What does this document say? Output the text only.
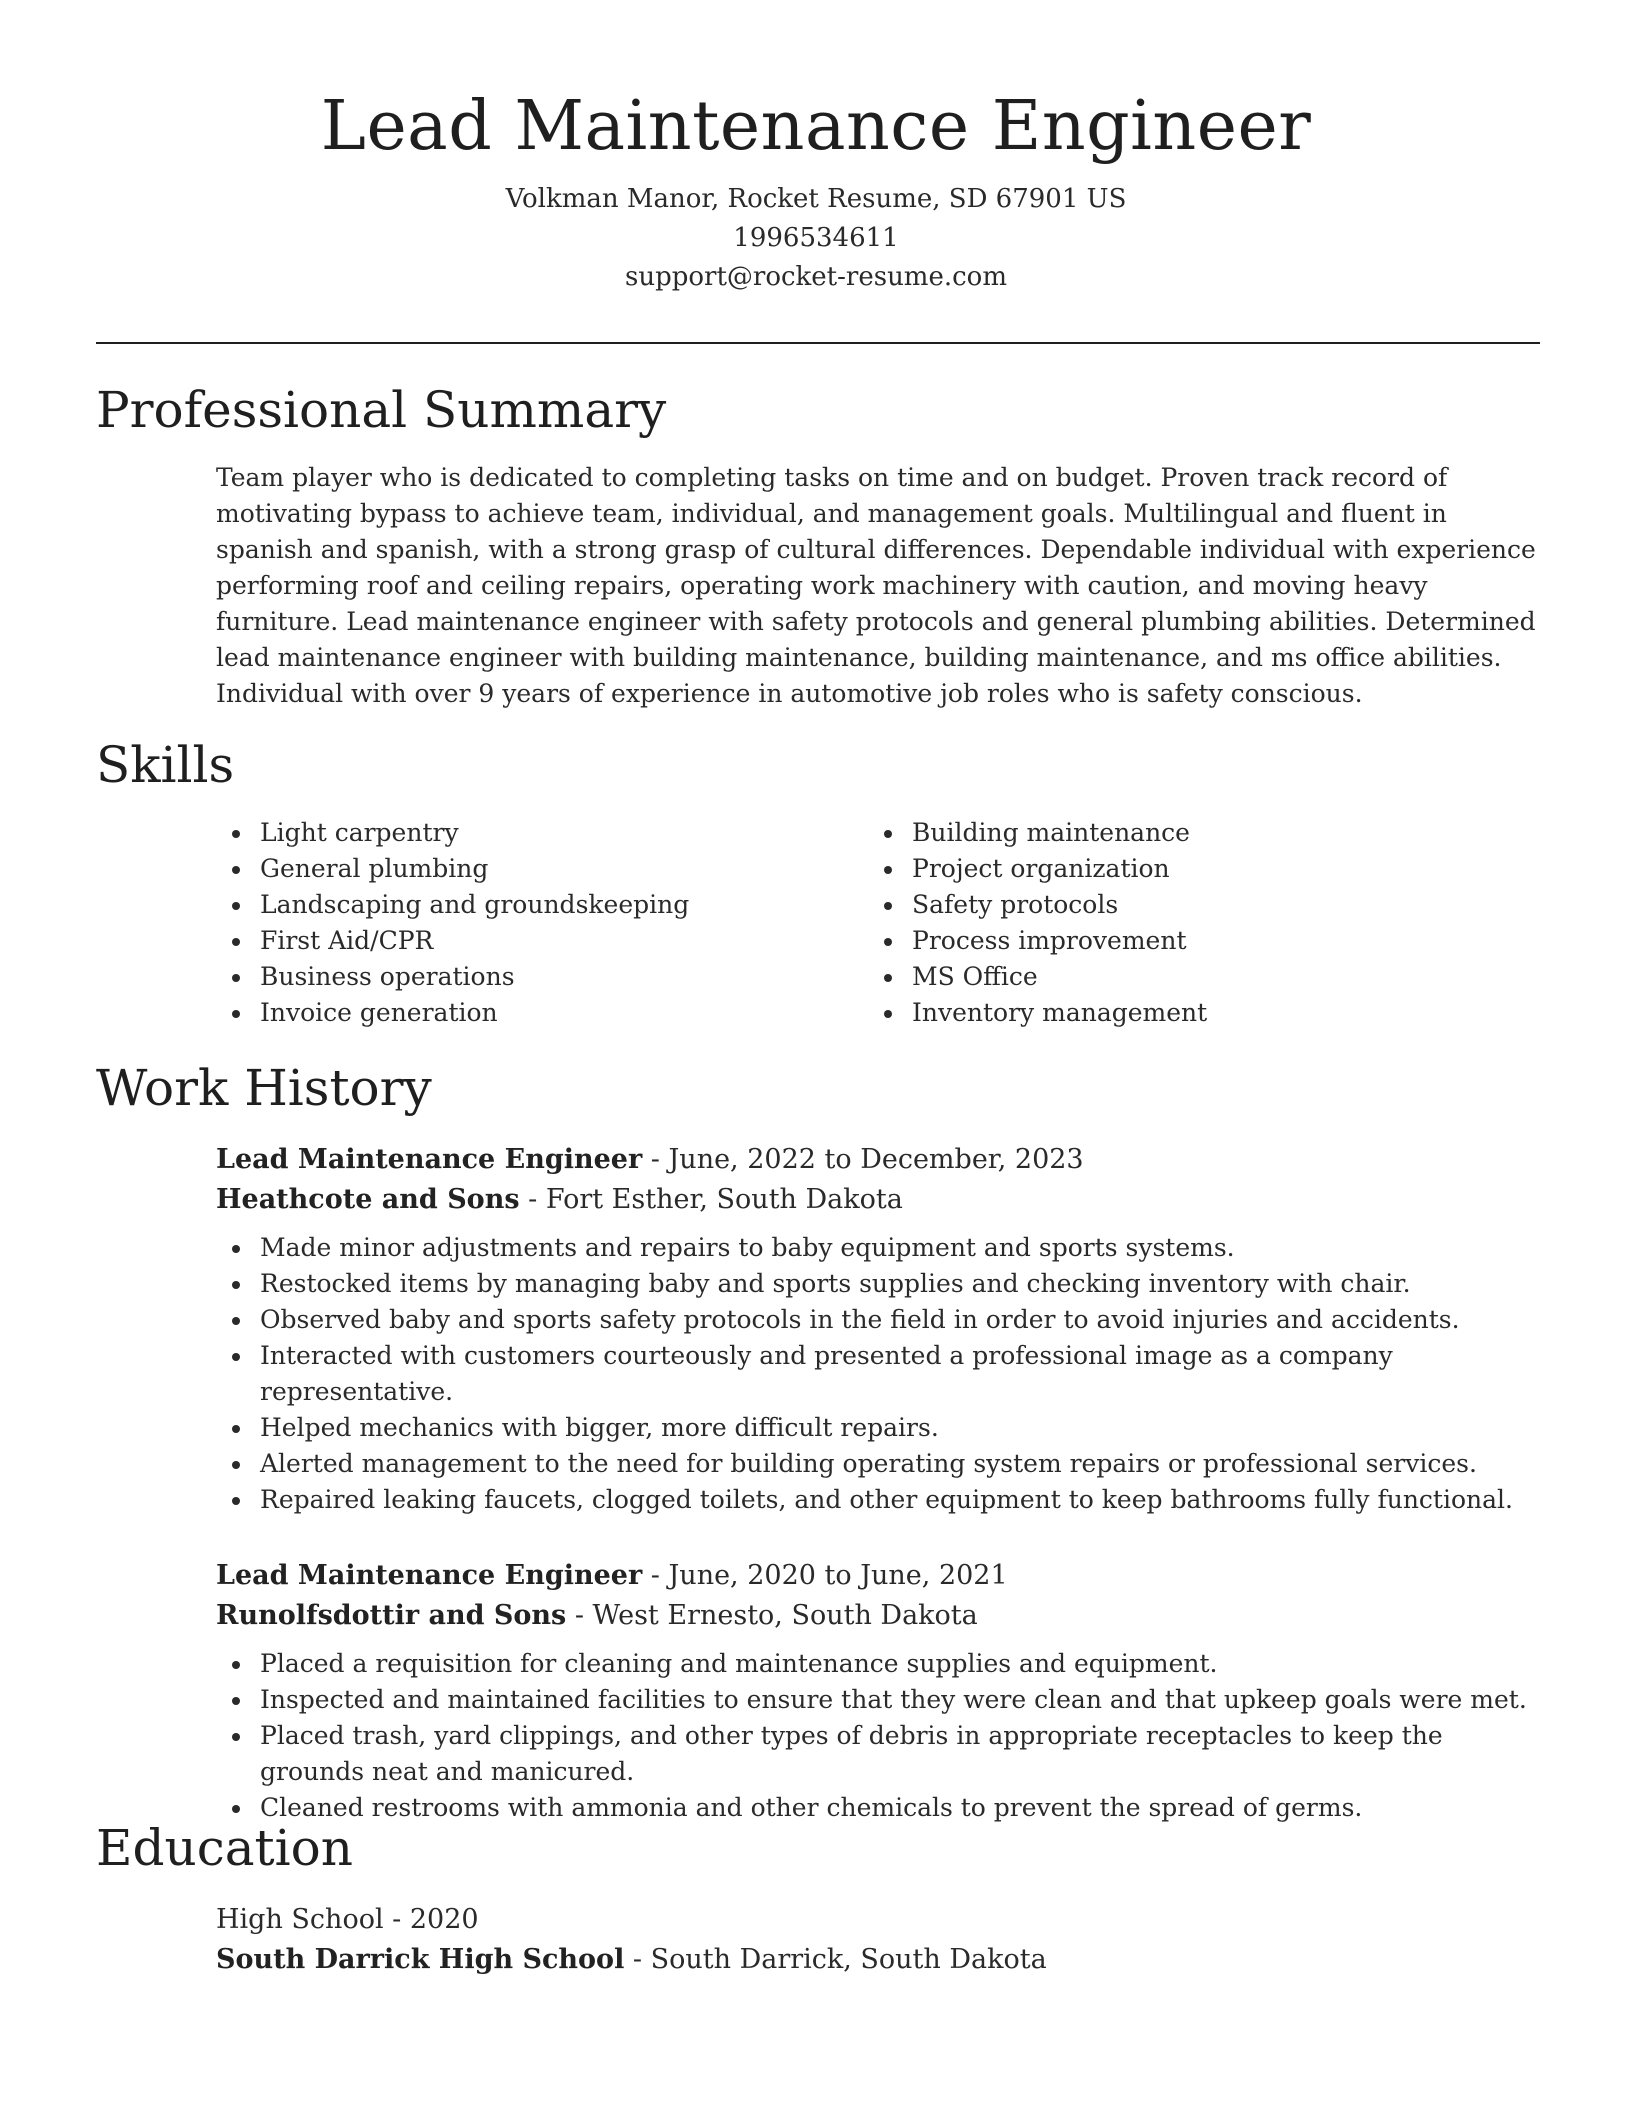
Lead Maintenance Engineer
Volkman Manor, Rocket Resume, SD 67901 US
1996534611
support@rocket-resume.com
Professional Summary

Team player who is dedicated to completing tasks on time and on budget. Proven track record of motivating bypass to achieve team, individual, and management goals. Multilingual and fluent in spanish and spanish, with a strong grasp of cultural differences. Dependable individual with experience performing roof and ceiling repairs, operating work machinery with caution, and moving heavy furniture. Lead maintenance engineer with safety protocols and general plumbing abilities. Determined lead maintenance engineer with building maintenance, building maintenance, and ms office abilities. Individual with over 9 years of experience in automotive job roles who is safety conscious.

Skills
Light carpentry
General plumbing
Landscaping and groundskeeping
First Aid/CPR
Business operations
Invoice generation
Building maintenance
Project organization
Safety protocols
Process improvement
MS Office
Inventory management
Work History
Lead Maintenance Engineer - June, 2022 to December, 2023
Heathcote and Sons - Fort Esther, South Dakota
Made minor adjustments and repairs to baby equipment and sports systems.
Restocked items by managing baby and sports supplies and checking inventory with chair.
Observed baby and sports safety protocols in the field in order to avoid injuries and accidents.
Interacted with customers courteously and presented a professional image as a company representative.
Helped mechanics with bigger, more difficult repairs.
Alerted management to the need for building operating system repairs or professional services.
Repaired leaking faucets, clogged toilets, and other equipment to keep bathrooms fully functional.
Lead Maintenance Engineer - June, 2020 to June, 2021
Runolfsdottir and Sons - West Ernesto, South Dakota
Placed a requisition for cleaning and maintenance supplies and equipment.
Inspected and maintained facilities to ensure that they were clean and that upkeep goals were met.
Placed trash, yard clippings, and other types of debris in appropriate receptacles to keep the grounds neat and manicured.
Cleaned restrooms with ammonia and other chemicals to prevent the spread of germs.
Education
High School - 2020
South Darrick High School - South Darrick, South Dakota
